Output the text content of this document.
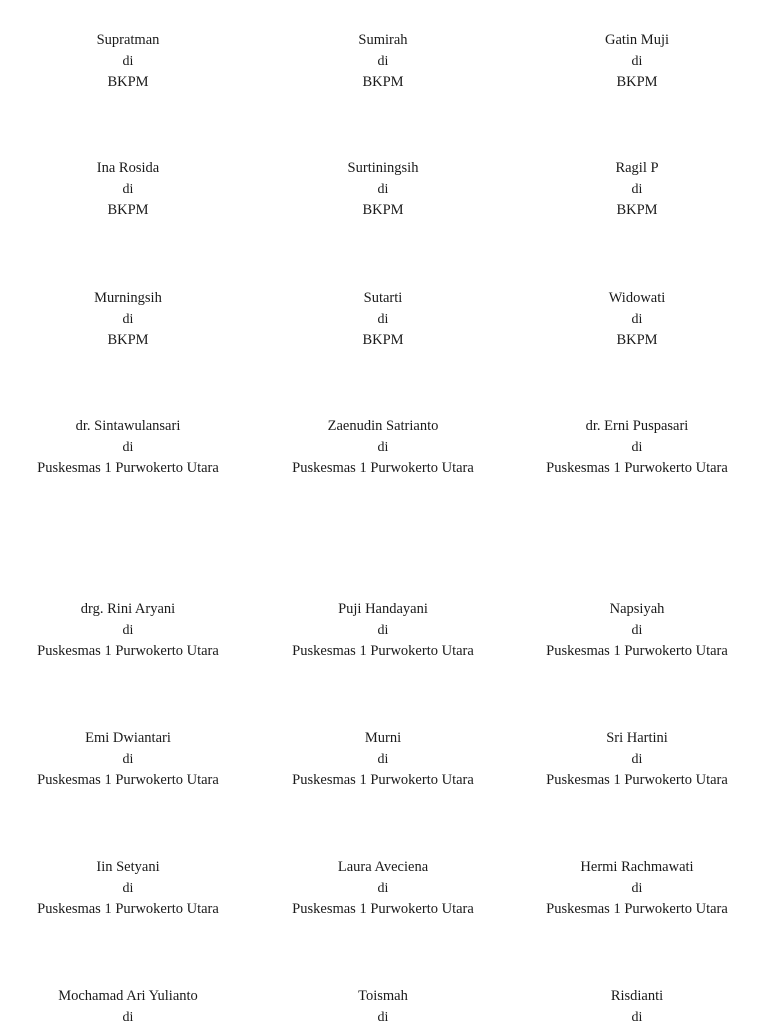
Supratman
di
BKPM
Sumirah
di
BKPM
Gatin Muji
di
BKPM
Ina Rosida
di
BKPM
Surtiningsih
di
BKPM
Ragil P
di
BKPM
Murningsih
di
BKPM
Sutarti
di
BKPM
Widowati
di
BKPM
dr. Sintawulansari
di
Puskesmas 1 Purwokerto Utara
Zaenudin Satrianto
di
Puskesmas 1 Purwokerto Utara
dr. Erni Puspasari
di
Puskesmas 1 Purwokerto Utara
drg. Rini Aryani
di
Puskesmas 1 Purwokerto Utara
Puji Handayani
di
Puskesmas 1 Purwokerto Utara
Napsiyah
di
Puskesmas 1 Purwokerto Utara
Emi Dwiantari
di
Puskesmas 1 Purwokerto Utara
Murni
di
Puskesmas 1 Purwokerto Utara
Sri Hartini
di
Puskesmas 1 Purwokerto Utara
Iin Setyani
di
Puskesmas 1 Purwokerto Utara
Laura Aveciena
di
Puskesmas 1 Purwokerto Utara
Hermi Rachmawati
di
Puskesmas 1 Purwokerto Utara
Mochamad Ari Yulianto
di
Toismah
di
Risdianti
di
